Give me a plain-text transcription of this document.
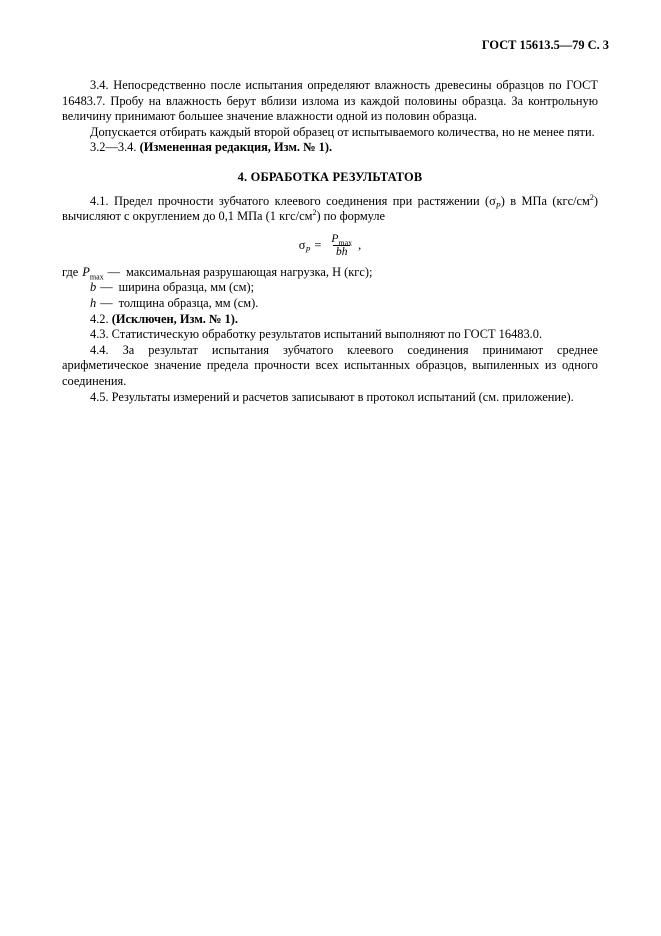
ГОСТ 15613.5—79 С. 3

3.4. Непосредственно после испытания определяют влажность древесины образцов по ГОСТ 16483.7. Пробу на влажность берут вблизи излома из каждой половины образца. За контрольную величину принимают большее значение влажности одной из половин образца.

Допускается отбирать каждый второй образец от испытываемого количества, но не менее пяти.

3.2—3.4. (Измененная редакция, Изм. № 1).

4. ОБРАБОТКА РЕЗУЛЬТАТОВ

4.1. Предел прочности зубчатого клеевого соединения при растяжении $(\sigma_P)$ в МПа $(кгс/см^2)$ вычисляют с округлением до 0,1 МПа (1 кгс/$см^2$) по формуле

$\sigma_P = \frac{P_{max}}{bh}$ ,
где $P_{max}$ — максимальная разрушающая нагрузка, Н (кгс);
b — ширина образца, мм (см);
h — толщина образца, мм (см).

4.2. (Исключен, Изм. № 1).

4.3. Статистическую обработку результатов испытаний выполняют по ГОСТ 16483.0.

4.4. За результат испытания зубчатого клеевого соединения принимают среднее арифметическое значение предела прочности всех испытанных образцов, выпиленных из одного соединения.

4.5. Результаты измерений и расчетов записывают в протокол испытаний (см. приложение).
